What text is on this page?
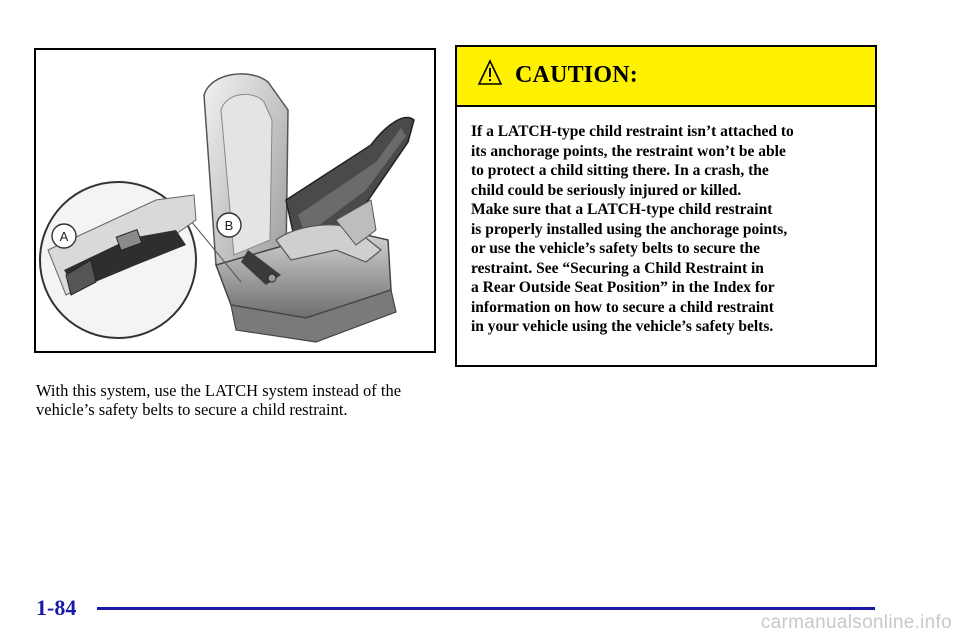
B
A
With this system, use the LATCH system instead of the vehicle’s safety belts to secure a child restraint.
CAUTION:

If a LATCH-type child restraint isn’t attached to

its anchorage points, the restraint won’t be able

to protect a child sitting there. In a crash, the

child could be seriously injured or killed.

Make sure that a LATCH-type child restraint

is properly installed using the anchorage points,

or use the vehicle’s safety belts to secure the

restraint. See “Securing a Child Restraint in

a Rear Outside Seat Position” in the Index for

information on how to secure a child restraint

in your vehicle using the vehicle’s safety belts.

1-84
carmanualsonline.info
